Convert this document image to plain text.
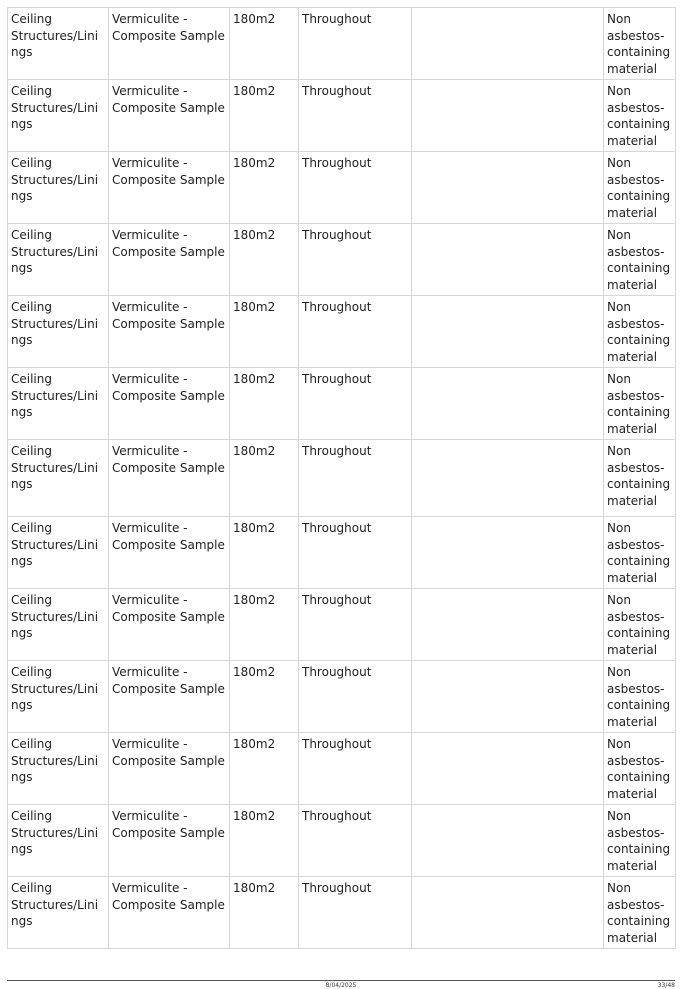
Ceiling Structures/Linings	Vermiculite - Composite Sample	180m2	Throughout		Non asbestos-containing material
Ceiling Structures/Linings	Vermiculite - Composite Sample	180m2	Throughout		Non asbestos-containing material
Ceiling Structures/Linings	Vermiculite - Composite Sample	180m2	Throughout		Non asbestos-containing material
Ceiling Structures/Linings	Vermiculite - Composite Sample	180m2	Throughout		Non asbestos-containing material
Ceiling Structures/Linings	Vermiculite - Composite Sample	180m2	Throughout		Non asbestos-containing material
Ceiling Structures/Linings	Vermiculite - Composite Sample	180m2	Throughout		Non asbestos-containing material
Ceiling Structures/Linings	Vermiculite - Composite Sample	180m2	Throughout		Non asbestos-containing material
Ceiling Structures/Linings	Vermiculite - Composite Sample	180m2	Throughout		Non asbestos-containing material
Ceiling Structures/Linings	Vermiculite - Composite Sample	180m2	Throughout		Non asbestos-containing material
Ceiling Structures/Linings	Vermiculite - Composite Sample	180m2	Throughout		Non asbestos-containing material
Ceiling Structures/Linings	Vermiculite - Composite Sample	180m2	Throughout		Non asbestos-containing material
Ceiling Structures/Linings	Vermiculite - Composite Sample	180m2	Throughout		Non asbestos-containing material
Ceiling Structures/Linings	Vermiculite - Composite Sample	180m2	Throughout		Non asbestos-containing material
8/04/2025	33/48
